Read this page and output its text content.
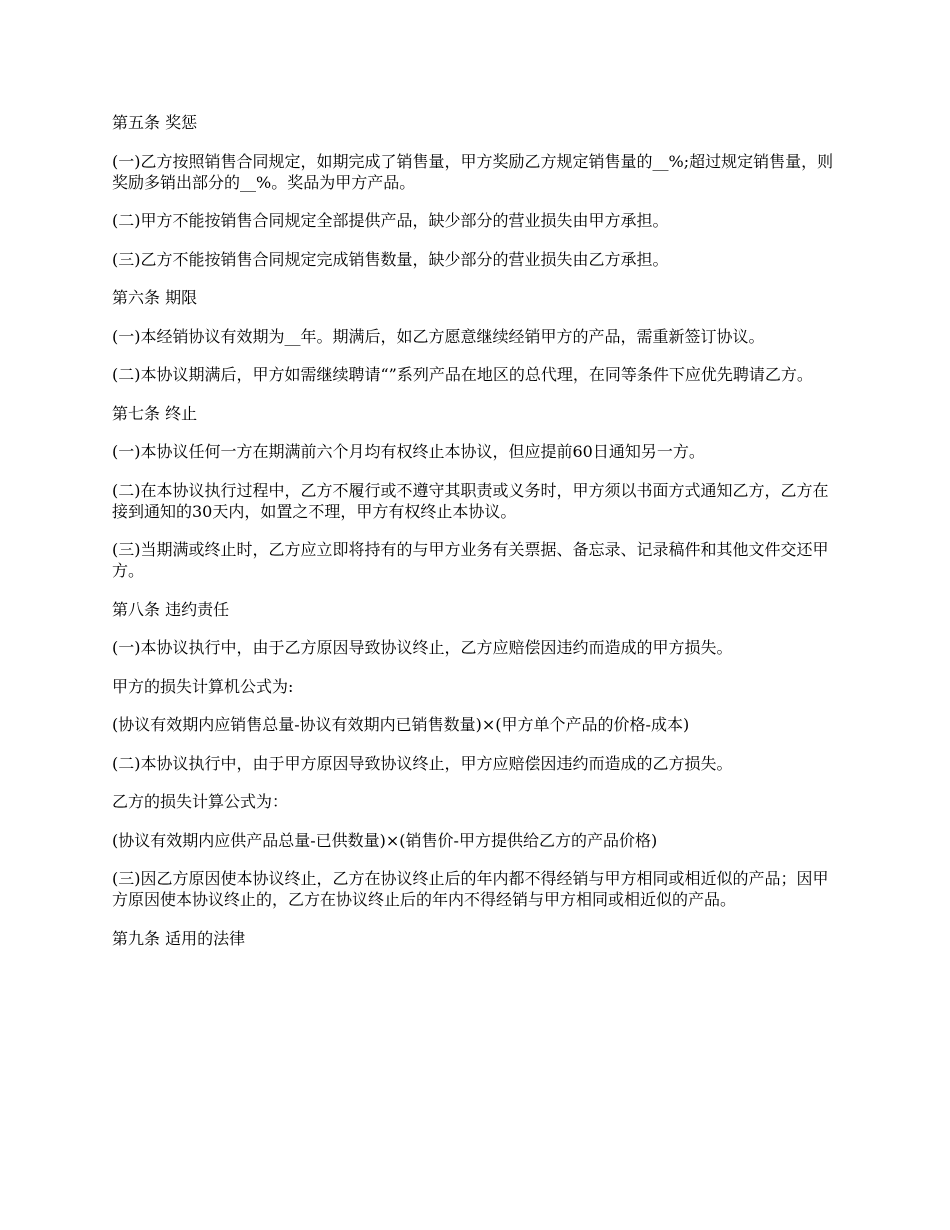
第五条 奖惩

(一)乙方按照销售合同规定，如期完成了销售量，甲方奖励乙方规定销售量的__%;超过规定销售量，则奖励多销出部分的__%。奖品为甲方产品。

(二)甲方不能按销售合同规定全部提供产品，缺少部分的营业损失由甲方承担。

(三)乙方不能按销售合同规定完成销售数量，缺少部分的营业损失由乙方承担。

第六条 期限

(一)本经销协议有效期为__年。期满后，如乙方愿意继续经销甲方的产品，需重新签订协议。

(二)本协议期满后，甲方如需继续聘请“”系列产品在地区的总代理，在同等条件下应优先聘请乙方。

第七条 终止

(一)本协议任何一方在期满前六个月均有权终止本协议，但应提前60日通知另一方。

(二)在本协议执行过程中，乙方不履行或不遵守其职责或义务时，甲方须以书面方式通知乙方，乙方在接到通知的30天内，如置之不理，甲方有权终止本协议。

(三)当期满或终止时，乙方应立即将持有的与甲方业务有关票据、备忘录、记录稿件和其他文件交还甲方。

第八条 违约责任

(一)本协议执行中，由于乙方原因导致协议终止，乙方应赔偿因违约而造成的甲方损失。

甲方的损失计算机公式为:

(协议有效期内应销售总量-协议有效期内已销售数量)×(甲方单个产品的价格-成本)

(二)本协议执行中，由于甲方原因导致协议终止，甲方应赔偿因违约而造成的乙方损失。

乙方的损失计算公式为：

(协议有效期内应供产品总量-已供数量)×(销售价-甲方提供给乙方的产品价格)

(三)因乙方原因使本协议终止，乙方在协议终止后的年内都不得经销与甲方相同或相近似的产品；因甲方原因使本协议终止的，乙方在协议终止后的年内不得经销与甲方相同或相近似的产品。

第九条 适用的法律
